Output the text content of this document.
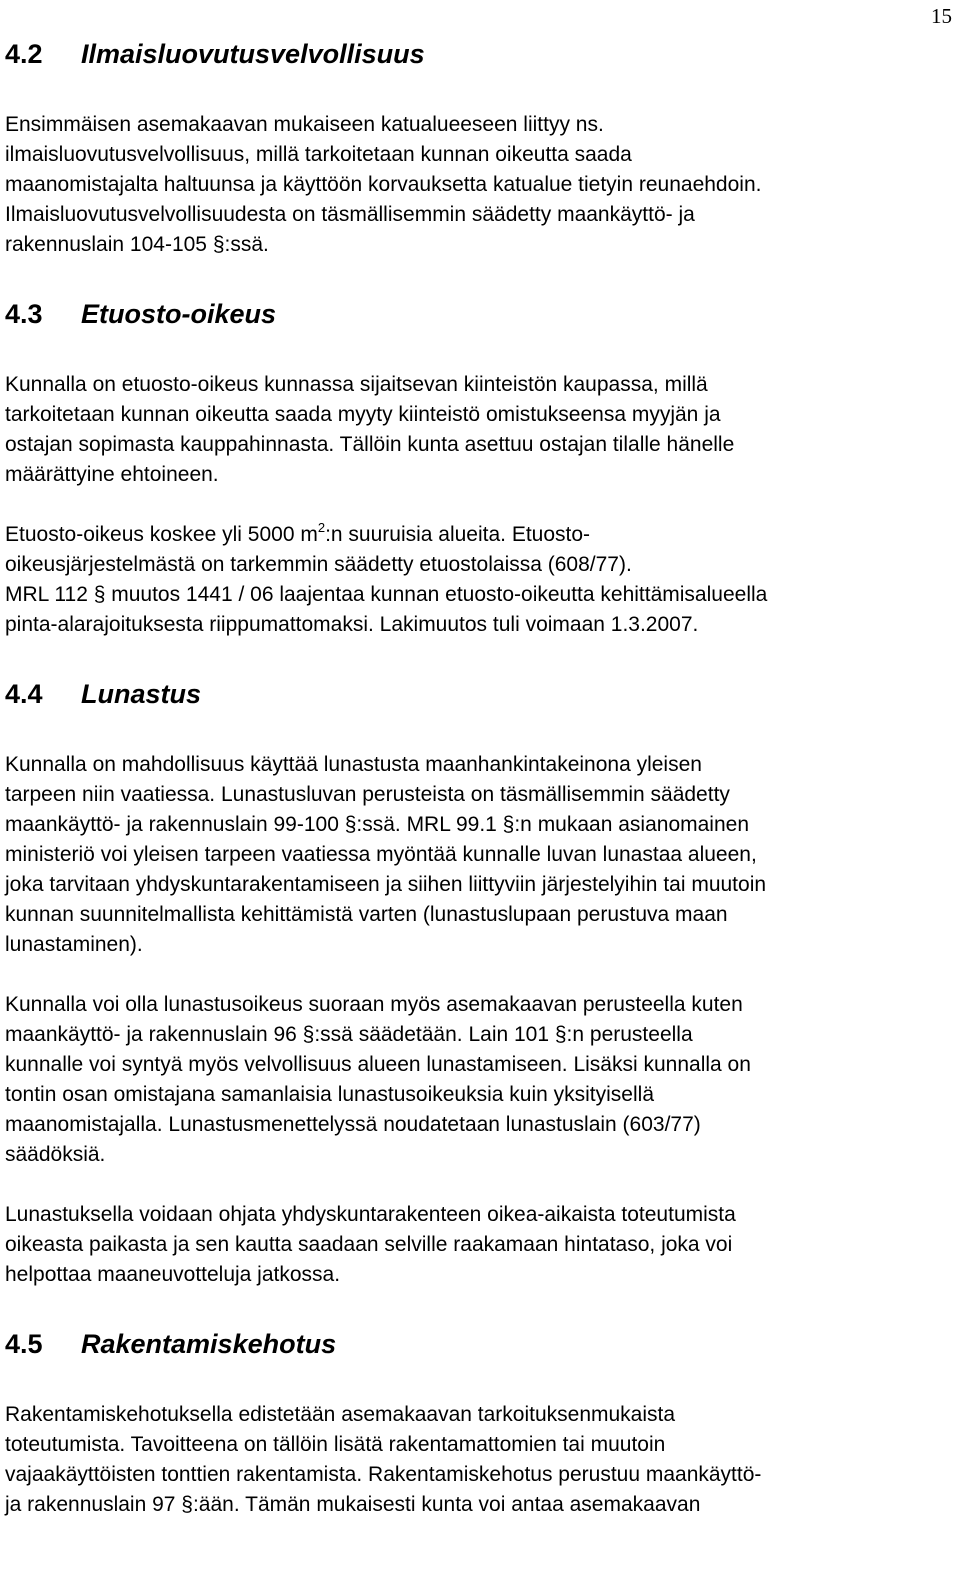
15
4.2 Ilmaisluovutusvelvollisuus

Ensimmäisen asemakaavan mukaiseen katualueeseen liittyy ns.
ilmaisluovutusvelvollisuus, millä tarkoitetaan kunnan oikeutta saada
maanomistajalta haltuunsa ja käyttöön korvauksetta katualue tietyin reunaehdoin.
Ilmaisluovutusvelvollisuudesta on täsmällisemmin säädetty maankäyttö- ja
rakennuslain 104-105 §:ssä.

4.3 Etuosto-oikeus

Kunnalla on etuosto-oikeus kunnassa sijaitsevan kiinteistön kaupassa, millä
tarkoitetaan kunnan oikeutta saada myyty kiinteistö omistukseensa myyjän ja
ostajan sopimasta kauppahinnasta. Tällöin kunta asettuu ostajan tilalle hänelle
määrättyine ehtoineen.

Etuosto-oikeus koskee yli 5000 $m^2:n$ suuruisia alueita. Etuosto-
oikeusjärjestelmästä on tarkemmin säädetty etuostolaissa (608/77).
MRL 112 § muutos 1441 / 06 laajentaa kunnan etuosto-oikeutta kehittämisalueella
pinta-alarajoituksesta riippumattomaksi. Lakimuutos tuli voimaan 1.3.2007.

4.4 Lunastus

Kunnalla on mahdollisuus käyttää lunastusta maanhankintakeinona yleisen
tarpeen niin vaatiessa. Lunastusluvan perusteista on täsmällisemmin säädetty
maankäyttö- ja rakennuslain 99-100 §:ssä. MRL 99.1 §:n mukaan asianomainen
ministeriö voi yleisen tarpeen vaatiessa myöntää kunnalle luvan lunastaa alueen,
joka tarvitaan yhdyskuntarakentamiseen ja siihen liittyviin järjestelyihin tai muutoin
kunnan suunnitelmallista kehittämistä varten (lunastuslupaan perustuva maan
lunastaminen).

Kunnalla voi olla lunastusoikeus suoraan myös asemakaavan perusteella kuten
maankäyttö- ja rakennuslain 96 §:ssä säädetään. Lain 101 §:n perusteella
kunnalle voi syntyä myös velvollisuus alueen lunastamiseen. Lisäksi kunnalla on
tontin osan omistajana samanlaisia lunastusoikeuksia kuin yksityisellä
maanomistajalla. Lunastusmenettelyssä noudatetaan lunastuslain (603/77)
säädöksiä.

Lunastuksella voidaan ohjata yhdyskuntarakenteen oikea-aikaista toteutumista
oikeasta paikasta ja sen kautta saadaan selville raakamaan hintataso, joka voi
helpottaa maaneuvotteluja jatkossa.

4.5 Rakentamiskehotus

Rakentamiskehotuksella edistetään asemakaavan tarkoituksenmukaista
toteutumista. Tavoitteena on tällöin lisätä rakentamattomien tai muutoin
vajaakäyttöisten tonttien rakentamista. Rakentamiskehotus perustuu maankäyttö-
ja rakennuslain 97 §:ään. Tämän mukaisesti kunta voi antaa asemakaavan
